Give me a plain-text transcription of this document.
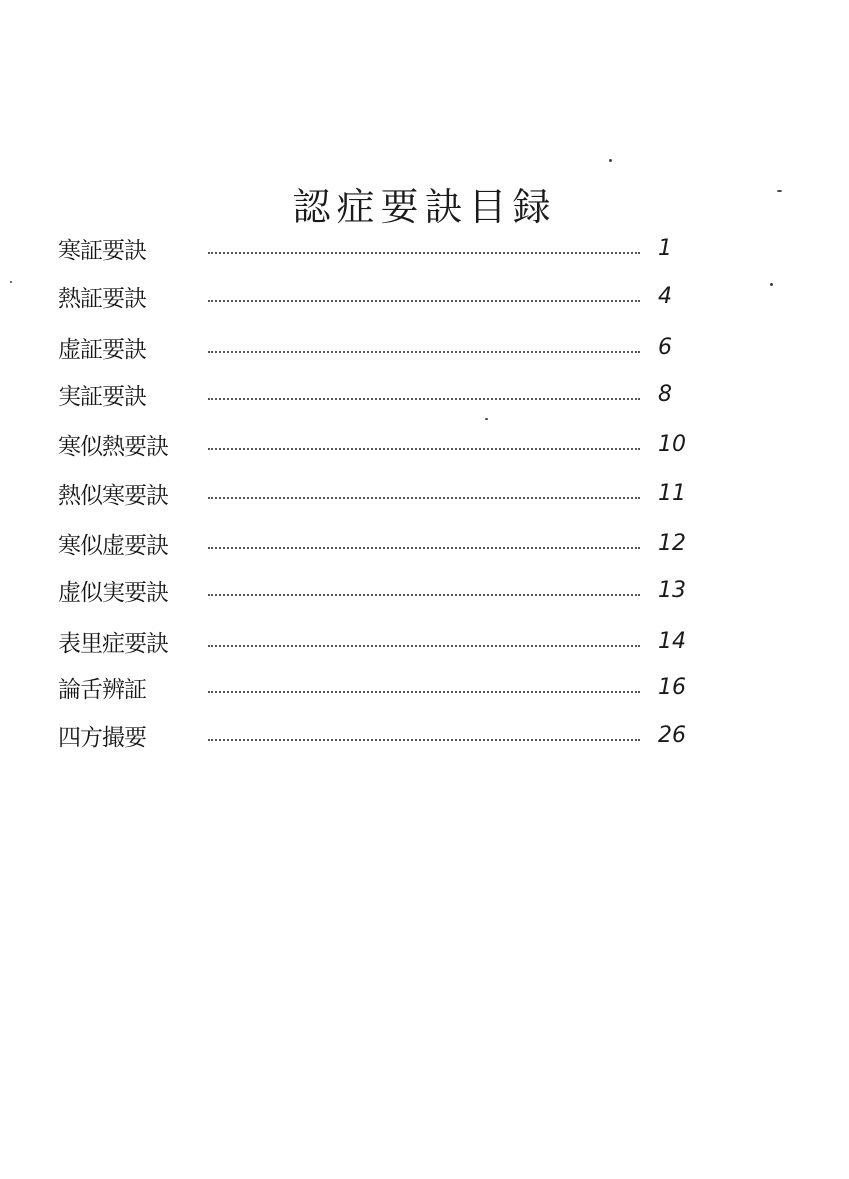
認症要訣目録
寒証要訣	1
熱証要訣	4
虚証要訣	6
実証要訣	8
寒似熱要訣	10
熱似寒要訣	11
寒似虚要訣	12
虚似実要訣	13
表里症要訣	14
論舌辨証	16
四方撮要	26
